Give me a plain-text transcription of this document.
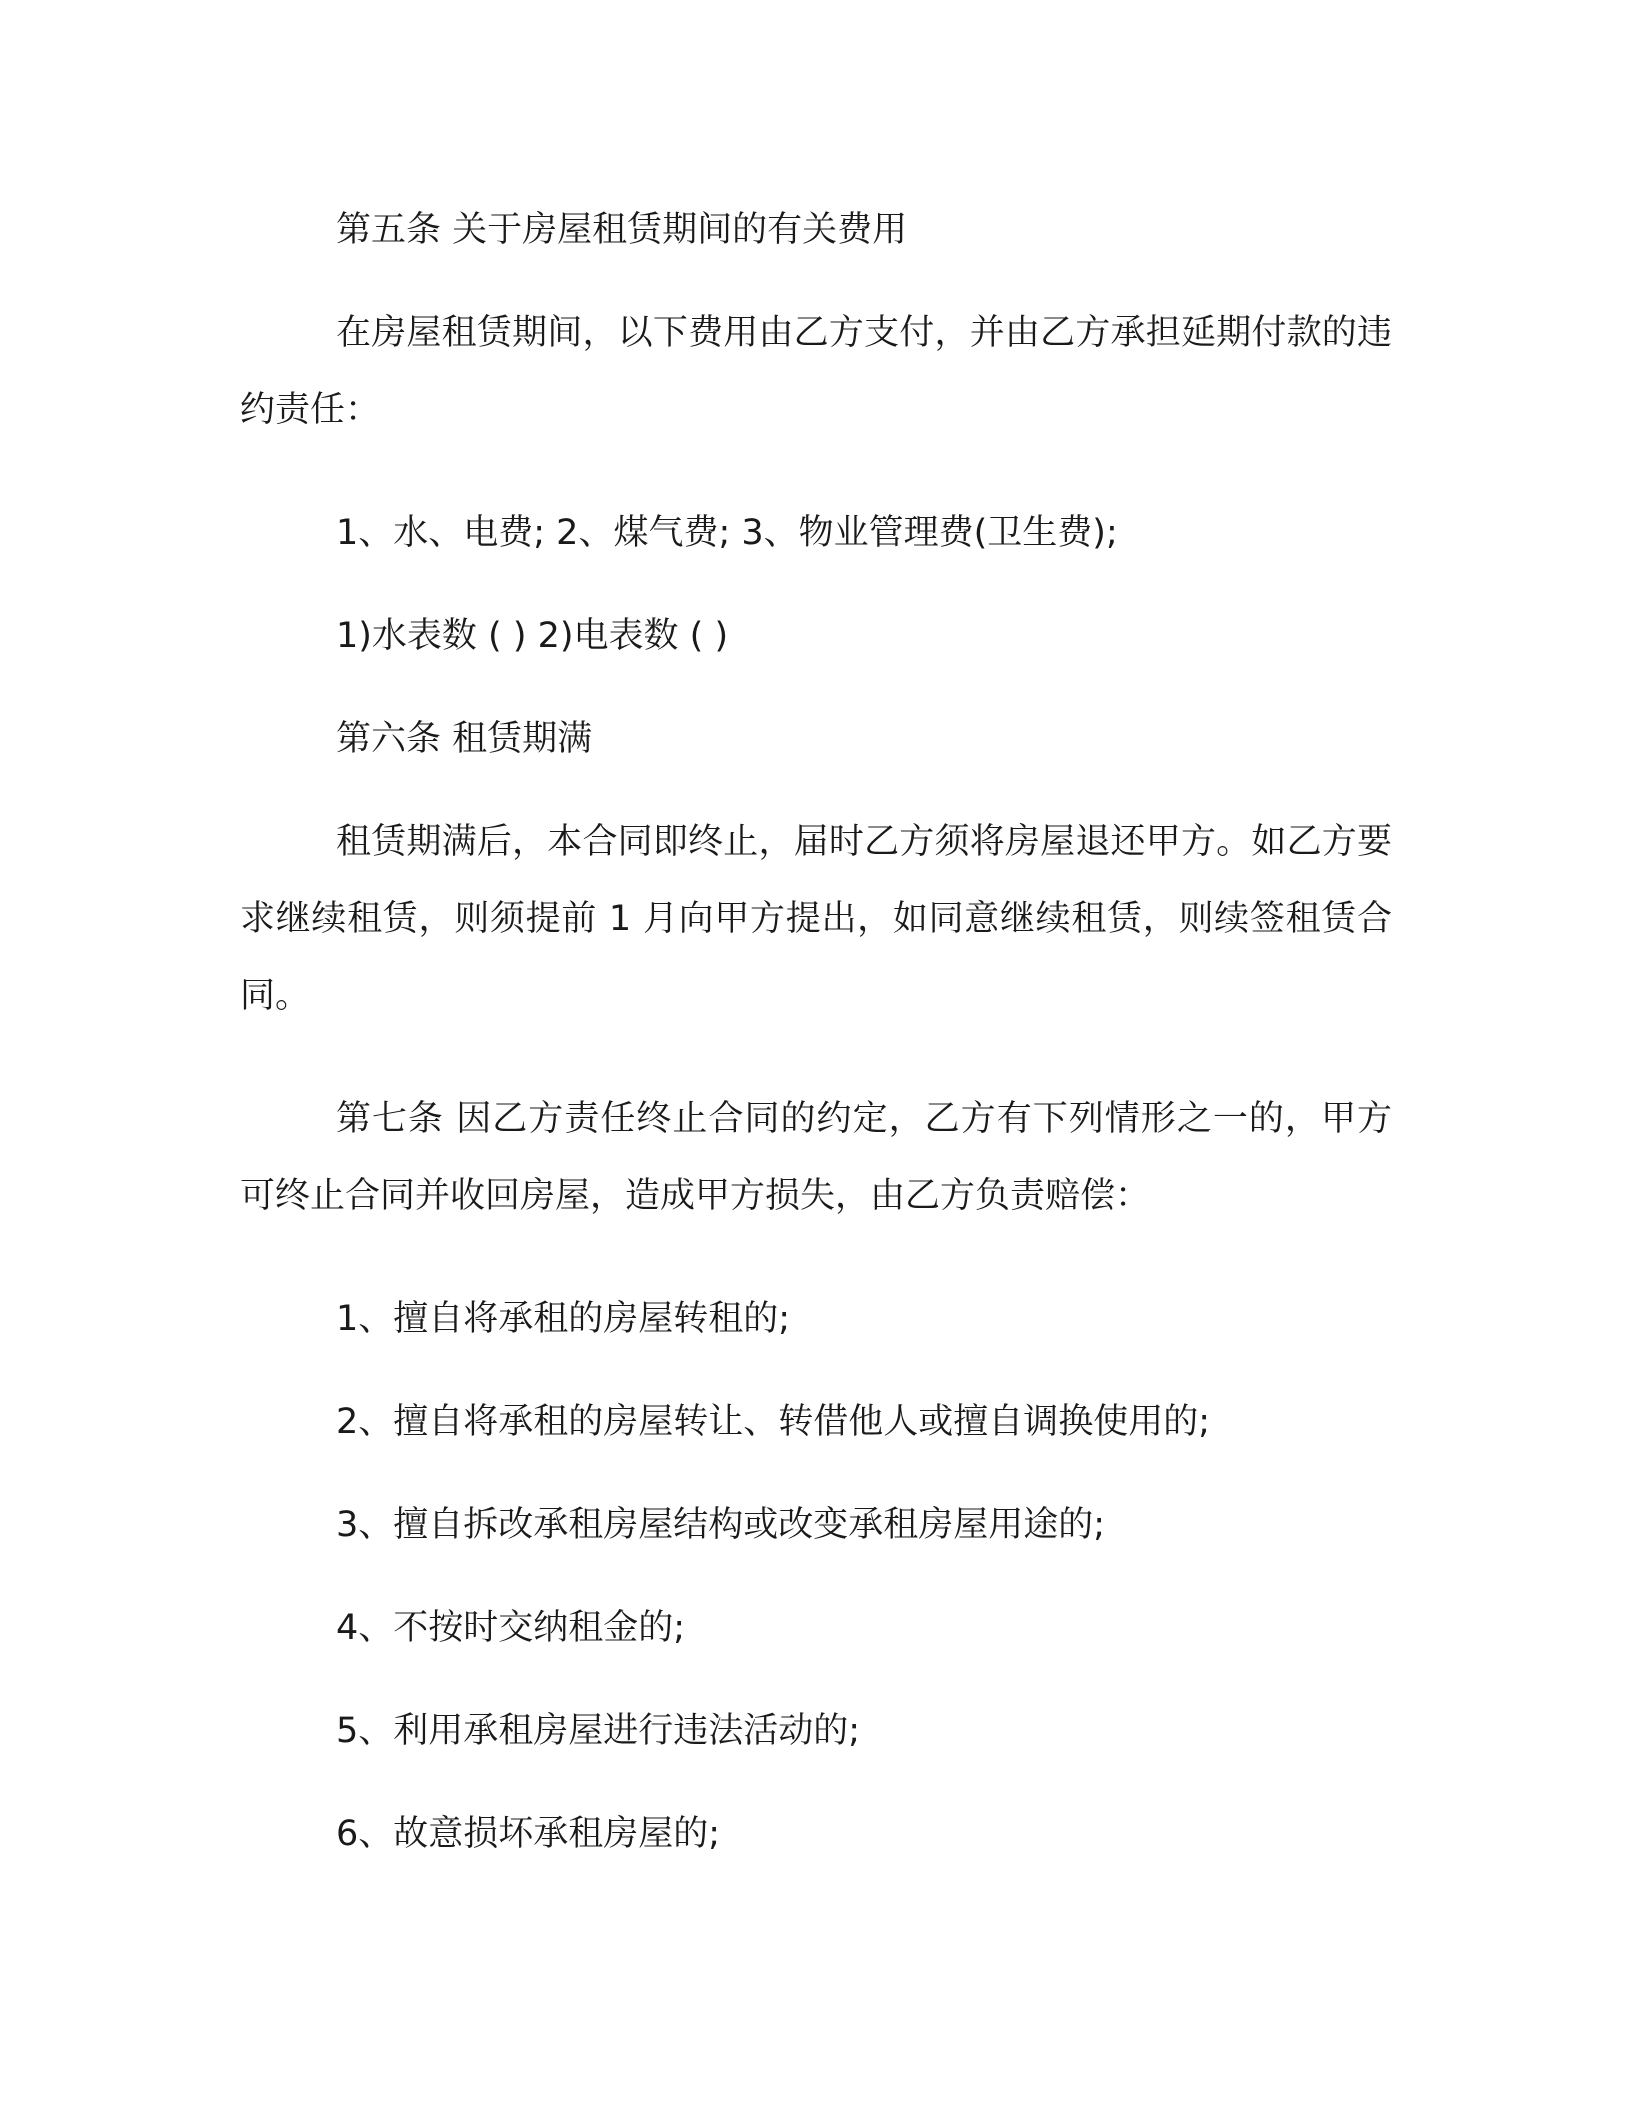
第五条 关于房屋租赁期间的有关费用

在房屋租赁期间，以下费用由乙方支付，并由乙方承担延期付款的违约责任：

1、水、电费; 2、煤气费; 3、物业管理费(卫生费);

1)水表数 ( ) 2)电表数 ( )

第六条 租赁期满

租赁期满后，本合同即终止，届时乙方须将房屋退还甲方。如乙方要求继续租赁，则须提前 1 月向甲方提出，如同意继续租赁，则续签租赁合同。

第七条 因乙方责任终止合同的约定，乙方有下列情形之一的，甲方可终止合同并收回房屋，造成甲方损失，由乙方负责赔偿：

1、擅自将承租的房屋转租的;

2、擅自将承租的房屋转让、转借他人或擅自调换使用的;

3、擅自拆改承租房屋结构或改变承租房屋用途的;

4、不按时交纳租金的;

5、利用承租房屋进行违法活动的;

6、故意损坏承租房屋的;
